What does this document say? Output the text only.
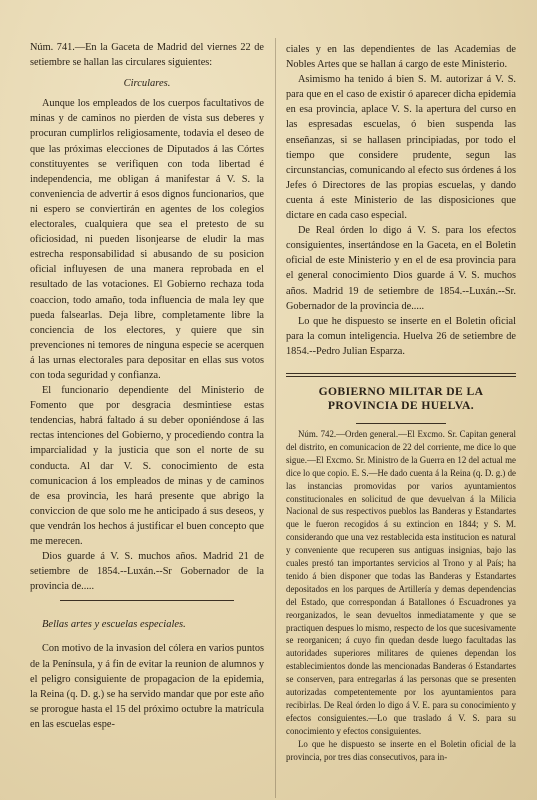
Núm. 741.—En la Gaceta de Madrid del viernes 22 de setiembre se hallan las circulares siguientes:

Circulares.

Aunque los empleados de los cuerpos facultativos de minas y de caminos no pierden de vista sus deberes y procuran cumplirlos religiosamente, todavia el deseo de que las próximas elecciones de Diputados á las Córtes constituyentes se verifiquen con toda libertad é independencia, me obligan á manifestar á V. S. la conveniencia de advertir á esos dignos funcionarios, que ni espero se conviertirán en agentes de los colegios electorales, cualquiera que sea el pretesto de su oficiosidad, ni pueden lisonjearse de eludir la mas estrecha responsabilidad si abusando de su posicion oficial influyesen de una manera reprobada en el resultado de las votaciones. El Gobierno rechaza toda coaccion, todo amaño, toda influencia de mala ley que pueda falsearlas. Deja libre, completamente libre la conciencia de los electores, y quiere que sin prevenciones ni temores de ninguna especie se acerquen á las urnas electorales para depositar en ellas sus votos con toda seguridad y confianza.

El funcionario dependiente del Ministerio de Fomento que por desgracia desmintiese estas tendencias, habrá faltado á su deber oponiéndose á las rectas intenciones del Gobierno, y procediendo contra la imparcialidad y la justicia que son el norte de su conducta. Al dar V. S. conocimiento de esta comunicacion á los empleados de minas y de caminos de esa provincia, les hará presente que abrigo la conviccion de que solo me he anticipado á sus deseos, y que vendrán los hechos á justificar el buen concepto que me merecen.

Dios guarde á V. S. muchos años. Madrid 21 de setiembre de 1854.--Luxán.--Sr Gobernador de la provincia de.....

Bellas artes y escuelas especiales.

Con motivo de la invasion del cólera en varios puntos de la Península, y á fin de evitar la reunion de alumnos y el peligro consiguiente de propagacion de la epidemia, la Reina (q. D. g.) se ha servido mandar que por este año se prorogue hasta el 15 del próximo octubre la matrícula en las escuelas espe-

ciales y en las dependientes de las Academias de Nobles Artes que se hallan á cargo de este Ministerio.

Asimismo ha tenido á bien S. M. autorizar á V. S. para que en el caso de existir ó aparecer dicha epidemia en esa provincia, aplace V. S. la apertura del curso en las espresadas escuelas, ó bien suspenda las enseñanzas, si se hallasen principiadas, por todo el tiempo que considere prudente, segun las circunstancias, comunicando al efecto sus órdenes á los Jefes ó Directores de las propias escuelas, y dando cuenta á este Ministerio de las disposiciones que dictare en cada caso especial.

De Real órden lo digo á V. S. para los efectos consiguientes, insertándose en la Gaceta, en el Boletin oficial de este Ministerio y en el de esa provincia para el general conocimiento Dios guarde á V. S. muchos años. Madrid 19 de setiembre de 1854.--Luxán.--Sr. Gobernador de la provincia de.....

Lo que he dispuesto se inserte en el Boletin oficial para la comun inteligencia. Huelva 26 de setiembre de 1854.--Pedro Julian Esparza.

GOBIERNO MILITAR DE LA PROVINCIA DE HUELVA.

Núm. 742.—Orden general.—El Excmo. Sr. Capitan general del distrito, en comunicacion de 22 del corriente, me dice lo que sigue.—El Excmo. Sr. Ministro de la Guerra en 12 del actual me dice lo que copio. E. S.—He dado cuenta á la Reina (q. D. g.) de las instancias promovidas por varios ayuntamientos constitucionales en solicitud de que devuelvan á la Milicia Nacional de sus respectivos pueblos las Banderas y Estandartes que le fueron recogidos á su extincion en 1844; y S. M. considerando que una vez restablecida esta institucion es natural y conveniente que recuperen sus antiguas insignias, bajo las cuales prestó tan importantes servicios al Trono y al País; ha tenido á bien disponer que todas las Banderas y Estandartes depositados en los parques de Artillería y demas dependencias del Estado, que correspondan á Batallones ó Escuadrones ya reorganizados, le sean devueltos inmediatamente y que se practiquen despues lo mismo, respecto de los que sucesivamente se reorganicen; á cuyo fin quedan desde luego facultadas las autoridades superiores militares de quienes dependan los establecimientos donde las mencionadas Banderas ó Estandartes se conserven, para entregarlas á las personas que se presenten autorizadas competentemente por los ayuntamientos para recibirlas. De Real órden lo digo á V. E. para su conocimiento y efectos consiguientes.—Lo que traslado á V. S. para su conocimiento y efectos consiguientes.

Lo que he dispuesto se inserte en el Boletin oficial de la provincia, por tres dias consecutivos, para in-
